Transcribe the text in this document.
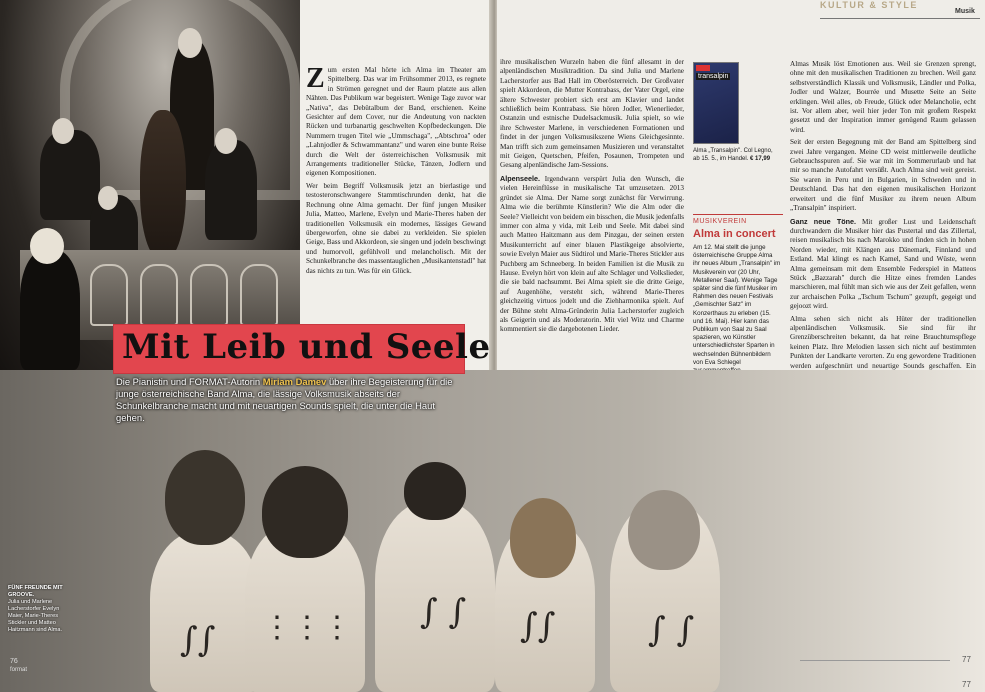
Zum ersten Mal hörte ich Alma im Theater am Spittelberg. Das war im Frühsommer 2013, es regnete in Strömen geregnet und der Raum platzte aus allen Nähten. Das Publikum war begeistert. Wenige Tage zuvor war „Nativa", das Debütalbum der Band, erschienen. Keine Gesichter auf dem Cover, nur die Andeutung von nackten Rücken und turbanartig geschwelten Kopfbedeckungen. Die Nummern trugen Titel wie „Ummschaga", „Abtschroa" oder „Lahnjodler & Schwammantanz" und waren eine bunte Reise durch die Welt der österreichischen Volksmusik mit Arrangements traditioneller Stücke, Tänzen, Jodlern und eigenen Kompositionen.

Wer beim Begriff Volksmusik jetzt an bierlastige und testosteronschwangere Stammtischrunden denkt, hat die Rechnung ohne Alma gemacht. Der fünf jungen Musiker Julia, Matteo, Marlene, Evelyn und Marie-Theres haben der traditionellen Volksmusik ein modernes, lässiges Gewand übergeworfen, ohne sie dabei zu verkleiden. Sie spielen Geige, Bass und Akkordeon, sie singen und jodeln beschwingt und humorvoll, gefühlvoll und melancholisch. Mit der Schunkelbranche des massentauglichen „Musikantenstadl" hat das nichts zu tun. Was für ein Glück.

KULTUR & STYLE
Musik

ihre musikalischen Wurzeln haben die fünf allesamt in der alpenländischen Musiktradition. Da sind Julia und Marlene Lacherstorfer aus Bad Hall im Oberösterreich. Der Großvater spielt Akkordeon, die Mutter Kontrabass, der Vater Orgel, eine ältere Schwester probiert sich erst am Klavier und landet schließlich beim Kontrabass. Sie hören Jodler, Wienerlieder, Ostanzin und estnische Dudelsackmusik. Julia spielt, so wie ihre Schwester Marlene, in verschiedenen Formationen und findet in der jungen Volksmusikszene Wiens Gleichgesinnte. Man trifft sich zum gemeinsamen Musizieren und veranstaltet mit Geigen, Quetschen, Pfeifen, Posaunen, Trompeten und Gesang alpenländische Jam-Sessions.

Alpenseele. Irgendwann verspürt Julia den Wunsch, die vielen Hereinflüsse in musikalische Tat umzusetzen. 2013 gründet sie Alma. Der Name sorgt zunächst für Verwirrung. Alma wie die berühmte Künstlerin? Wie die Alm oder die Seele? Vielleicht von beidem ein bisschen, die Musik jedenfalls immer con alma y vida, mit Leib und Seele. Mit dabei sind auch Matteo Haitzmann aus dem Pinzgau, der seinen ersten Musikunterricht auf einer blauen Plastikgeige absolvierte, sowie Evelyn Maier aus Südtirol und Marie-Theres Stickler aus Puchberg am Schneeberg. In beiden Familien ist die Musik zu Hause. Evelyn hört von klein auf alte Schlager und Volkslieder, die sie bald nachsummt. Bei Alma spielt sie die dritte Geige, auf Augenhöhe, versteht sich, während Marie-Theres gleichzeitig virtuos jodelt und die Ziehharmonika spielt. Auf der Bühne steht Alma-Gründerin Julia Lacherstorfer zugleich als Geigerin und als Moderatorin. Mit viel Witz und Charme kommentiert sie die dargebotenen Lieder.

transalpin
Alma „Transalpin". Col Legno, ab 15. 5., im Handel. € 17,99
MUSIKVEREIN
Alma in concert
Am 12. Mai stellt die junge österreichische Gruppe Alma ihr neues Album „Transalpin" im Musikverein vor (20 Uhr, Metallener Saal). Wenige Tage später sind die fünf Musiker im Rahmen des neuen Festivals „Gemischter Satz" im Konzerthaus zu erleben (15. und 16. Mai). Hier kann das Publikum von Saal zu Saal spazieren, wo Künstler unterschiedlichster Sparten in wechselnden Bühnenbildern von Eva Schlegel

Almas Musik löst Emotionen aus. Weil sie Grenzen sprengt, ohne mit den musikalischen Traditionen zu brechen. Weil ganz selbstverständlich Klassik und Volksmusik, Ländler und Polka, Jodler und Walzer, Bourrée und Musette Seite an Seite erklingen. Weil alles, ob Freude, Glück oder Melancholie, echt ist. Vor allem aber, weil hier jeder Ton mit großem Respekt gesetzt und der Inspiration immer genügend Raum gelassen wird.

Seit der ersten Begegnung mit der Band am Spittelberg sind zwei Jahre vergangen. Meine CD weist mittlerweile deutliche Gebrauchsspuren auf. Sie war mit im Sommerurlaub und hat mir so manche Autofahrt versüßt. Auch Alma sind weit gereist. Sie waren in Peru und in Bulgarien, in Schweden und in Deutschland. Das hat den eigenen musikalischen Horizont erweitert und die fünf Musiker zu ihrem neuen Album „Transalpin" inspiriert.

Ganz neue Töne. Mit großer Lust und Leidenschaft durchwandern die Musiker hier das Pustertal und das Zillertal, reisen musikalisch bis nach Marokko und finden sich in hohen Norden wieder, mit Klängen aus Dänemark, Finnland und Estland. Mal klingt es nach Kamel, Sand und Wüste, wenn Alma gemeinsam mit dem Ensemble Federspiel in Matteos Stück „Bazzarah" durch die Hitze eines fremden Landes marschieren, mal fühlt man sich wie aus der Zeit gefallen, wenn zur archaischen Polka „Tschum Tschum" gezupft, gegeigt und gejoozt wird.

Alma sehen sich nicht als Hüter der traditionellen alpenländischen Volksmusik. Sie sind für ihr Grenzüberschreiten bekannt, da hat reine Brauchtumspflege keinen Platz. Ihre Melodien lassen sich nicht auf bestimmten Punkten der Landkarte verorten. Zu eng gewordene Traditionen werden aufgeschnürt und neuartige Sounds geschaffen. Ein

∫∫ ⋮⋮⋮ ∫ ∫ ∫∫	∫ ∫
Mit Leib und Seele
Die Pianistin und FORMAT-Autorin Miriam Damev über ihre Begeisterung für die junge österreichische Band Alma, die lässige Volksmusik abseits der Schunkelbranche macht und mit neuartigen Sounds spielt, die unter die Haut gehen.
FÜNF FREUNDE MIT GROOVE.
Julia und Marlene Lacherstorfer Evelyn Maier, Marie-Theres Stickler und Matteo Haitzmann sind Alma.
76
format
77
77
